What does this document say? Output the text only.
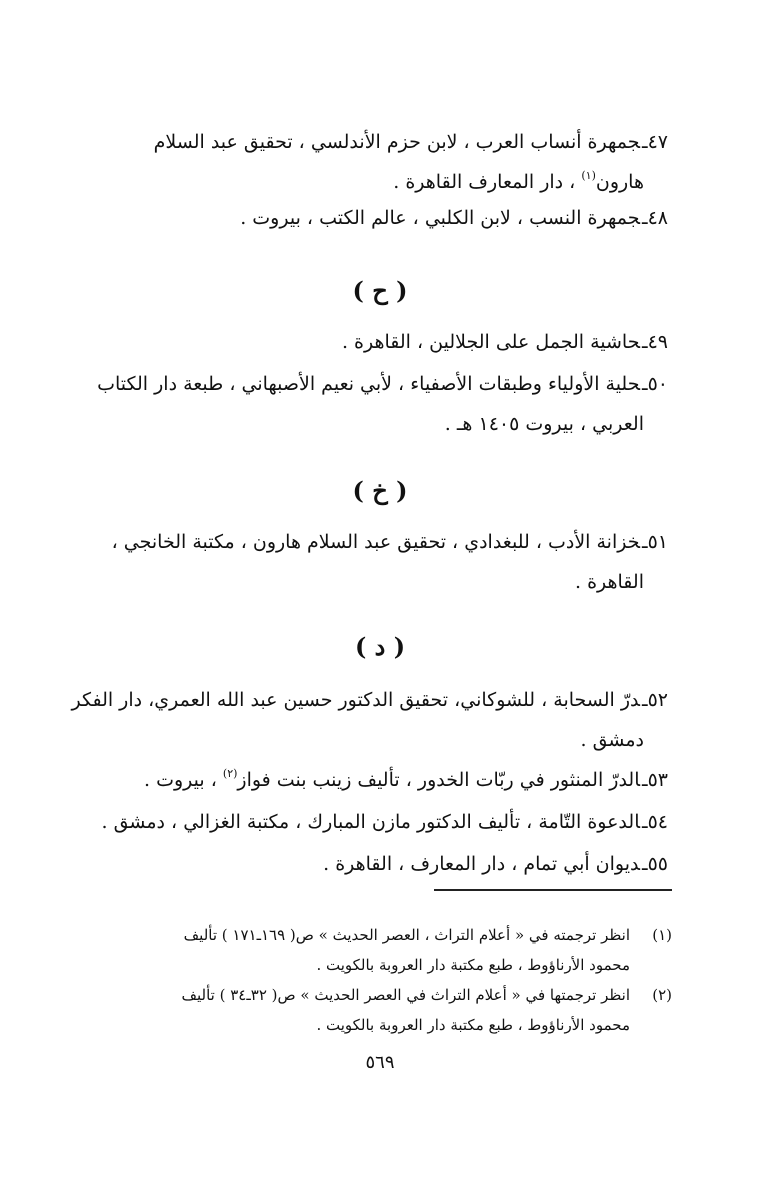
٤٧ـجمهرة أنساب العرب ، لابن حزم الأندلسي ، تحقيق عبد السلام
هارون$^{(١)}$ ، دار المعارف القاهرة .
٤٨ـجمهرة النسب ، لابن الكلبي ، عالم الكتب ، بيروت .
( ح )
٤٩ـحاشية الجمل على الجلالين ، القاهرة .
٥٠ـحلية الأولياء وطبقات الأصفياء ، لأبي نعيم الأصبهاني ، طبعة دار الكتاب
العربي ، بيروت ١٤٠٥ هـ .
( خ )
٥١ـخزانة الأدب ، للبغدادي ، تحقيق عبد السلام هارون ، مكتبة الخانجي ،
القاهرة .
( د )
٥٢ـدرّ السحابة ، للشوكاني، تحقيق الدكتور حسين عبد الله العمري، دار الفكر
دمشق .
٥٣ـالدرّ المنثور في ربّات الخدور ، تأليف زينب بنت فواز$^{(٢)}$ ، بيروت .
٥٤ـالدعوة التّامة ، تأليف الدكتور مازن المبارك ، مكتبة الغزالي ، دمشق .
٥٥ـديوان أبي تمام ، دار المعارف ، القاهرة .
(١)انظر ترجمته في « أعلام التراث ، العصر الحديث » ص( ١٦٩ـ١٧١ ) تأليف
محمود الأرناؤوط ، طبع مكتبة دار العروبة بالكويت .
(٢)انظر ترجمتها في « أعلام التراث في العصر الحديث » ص( ٣٢ـ٣٤ ) تأليف
محمود الأرناؤوط ، طبع مكتبة دار العروبة بالكويت .
٥٦٩
